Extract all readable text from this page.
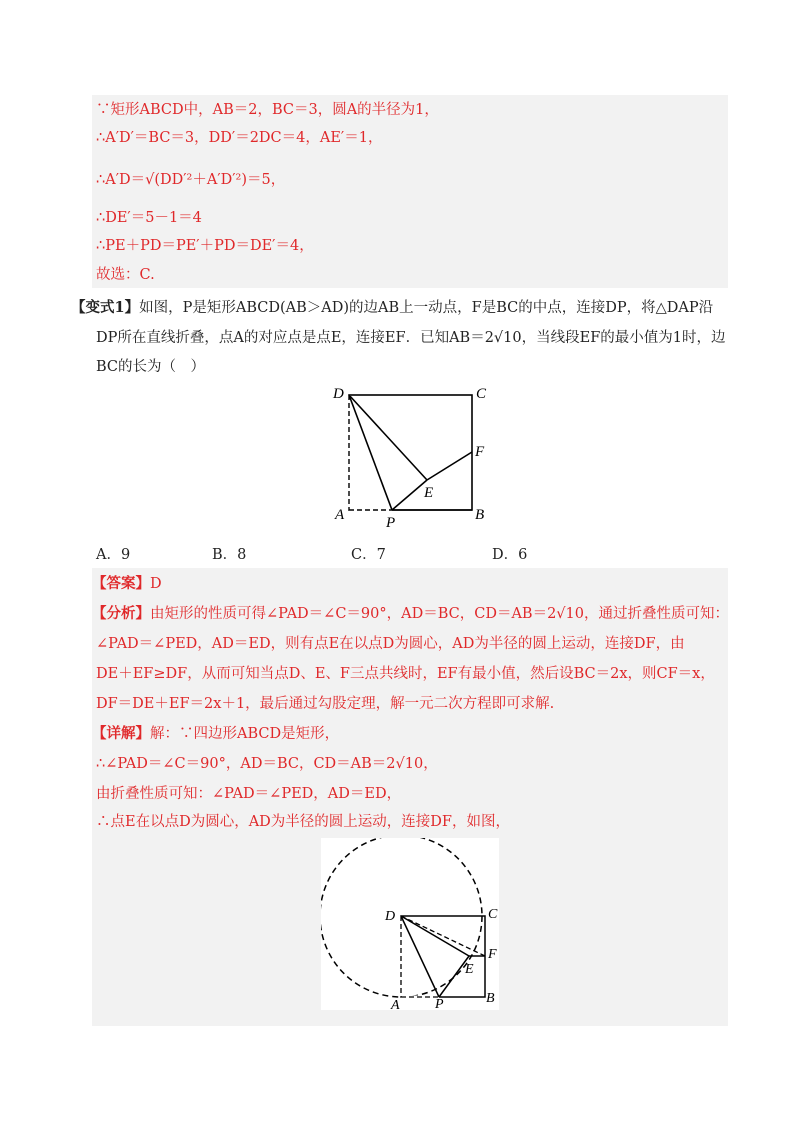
∵矩形ABCD中，AB＝2，BC＝3，圆A的半径为1，
∴A′D′＝BC＝3，DD′＝2DC＝4，AE′＝1，
∴A′D＝√(DD′²＋A′D′²)＝5，
∴DE′＝5－1＝4
∴PE＋PD＝PE′＋PD＝DE′＝4，
故选：C.
【变式1】如图，P是矩形ABCD(AB＞AD)的边AB上一动点，F是BC的中点，连接DP，将△DAP沿
DP所在直线折叠，点A的对应点是点E，连接EF．已知AB＝2√10，当线段EF的最小值为1时，边
BC的长为（　）
D	C
F
E
A	P	B
A．9	B．8	C．7	D．6
【答案】D
【分析】由矩形的性质可得∠PAD＝∠C＝90°，AD＝BC，CD＝AB＝2√10，通过折叠性质可知：
∠PAD＝∠PED，AD＝ED，则有点E在以点D为圆心，AD为半径的圆上运动，连接DF，由
DE＋EF≥DF，从而可知当点D、E、F三点共线时，EF有最小值，然后设BC＝2x，则CF＝x，
DF＝DE＋EF＝2x＋1，最后通过勾股定理，解一元二次方程即可求解.
【详解】解：∵四边形ABCD是矩形，
∴∠PAD＝∠C＝90°，AD＝BC，CD＝AB＝2√10，
由折叠性质可知：∠PAD＝∠PED，AD＝ED，
∴点E在以点D为圆心，AD为半径的圆上运动，连接DF，如图，
D	C
F
E
A	P	B
